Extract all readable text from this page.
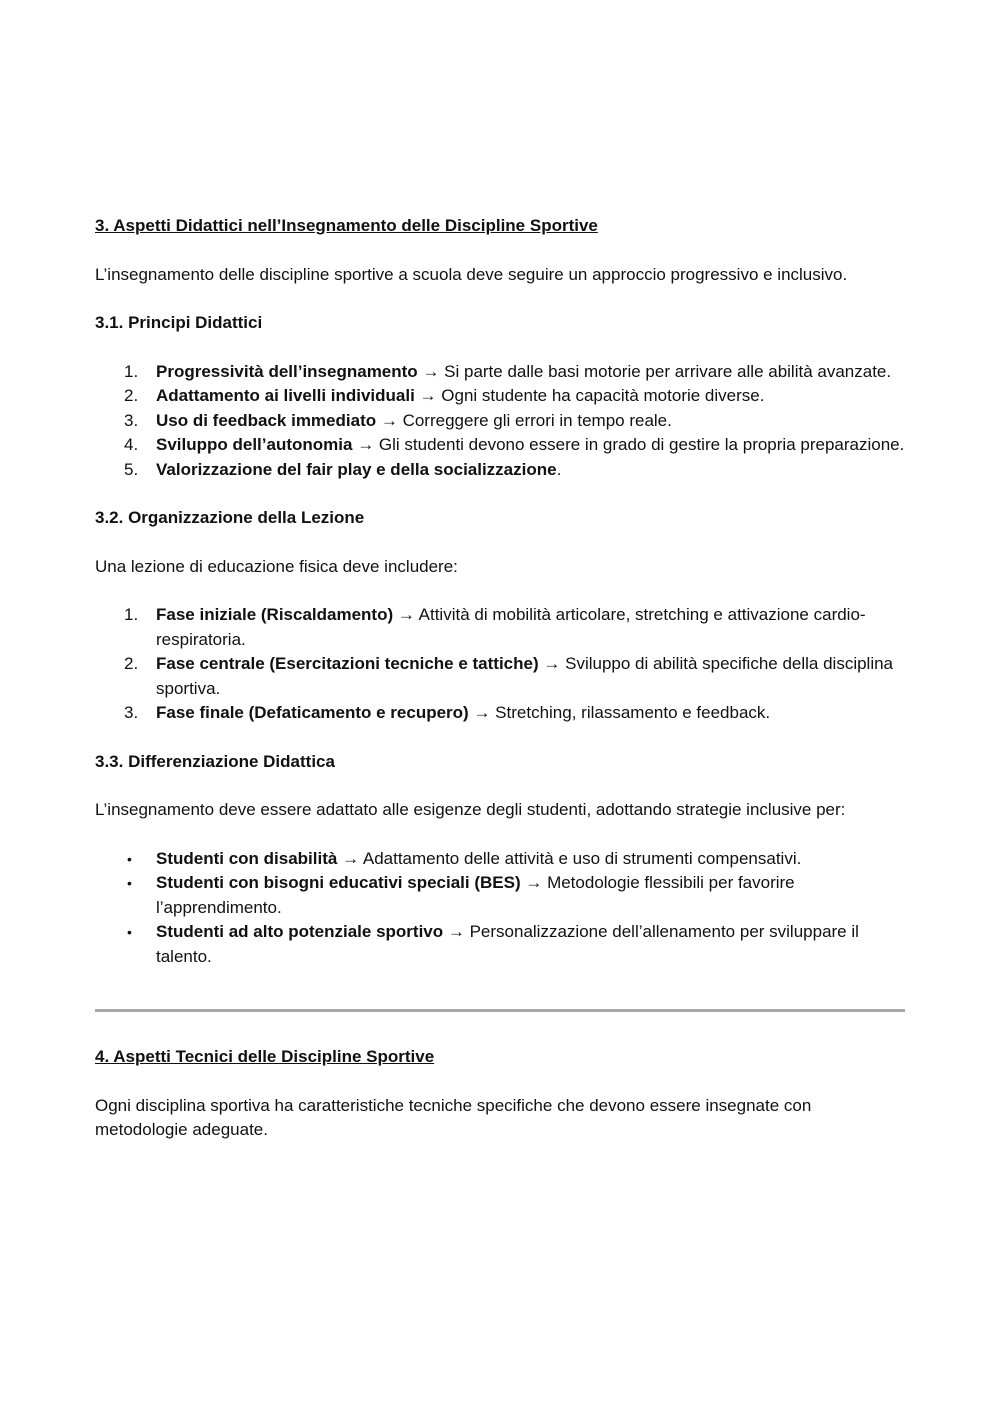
3. Aspetti Didattici nell’Insegnamento delle Discipline Sportive

L’insegnamento delle discipline sportive a scuola deve seguire un approccio progressivo e inclusivo.

3.1. Principi Didattici
1. Progressività dell’insegnamento → Si parte dalle basi motorie per arrivare alle abilità avanzate.
2. Adattamento ai livelli individuali → Ogni studente ha capacità motorie diverse.
3. Uso di feedback immediato → Correggere gli errori in tempo reale.
4. Sviluppo dell’autonomia → Gli studenti devono essere in grado di gestire la propria preparazione.
5. Valorizzazione del fair play e della socializzazione.
3.2. Organizzazione della Lezione

Una lezione di educazione fisica deve includere:

1. Fase iniziale (Riscaldamento) → Attività di mobilità articolare, stretching e attivazione cardio-respiratoria.
2. Fase centrale (Esercitazioni tecniche e tattiche) → Sviluppo di abilità specifiche della disciplina sportiva.
3. Fase finale (Defaticamento e recupero) → Stretching, rilassamento e feedback.
3.3. Differenziazione Didattica

L’insegnamento deve essere adattato alle esigenze degli studenti, adottando strategie inclusive per:

• Studenti con disabilità → Adattamento delle attività e uso di strumenti compensativi.
• Studenti con bisogni educativi speciali (BES) → Metodologie flessibili per favorire l’apprendimento.
• Studenti ad alto potenziale sportivo → Personalizzazione dell’allenamento per sviluppare il talento.
4. Aspetti Tecnici delle Discipline Sportive

Ogni disciplina sportiva ha caratteristiche tecniche specifiche che devono essere insegnate con metodologie adeguate.
